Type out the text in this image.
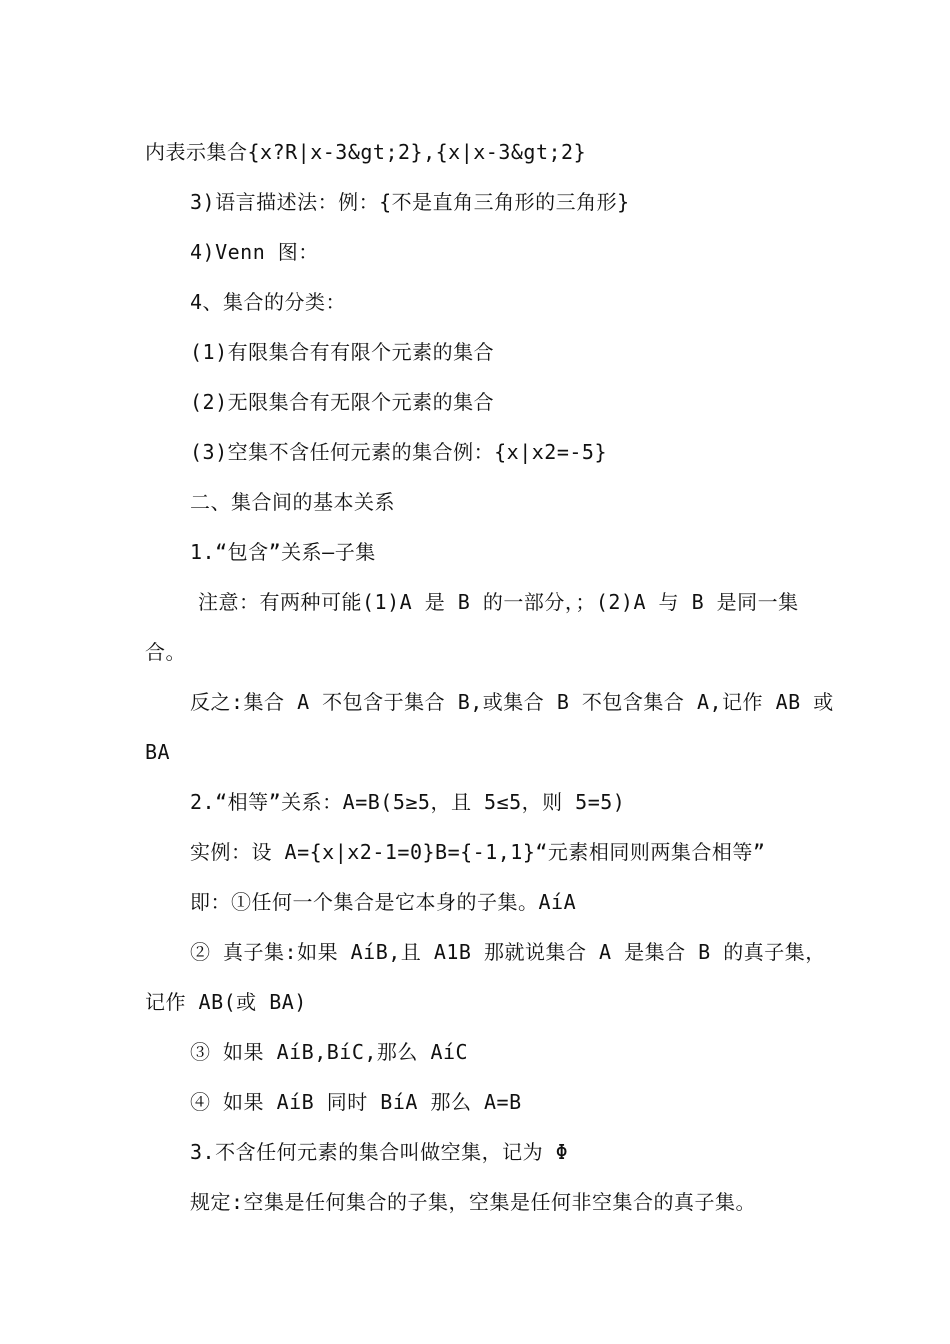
内表示集合{x?R|x-3&gt;2},{x|x-3&gt;2}
3)语言描述法：例：{不是直角三角形的三角形}
4)Venn 图：
4、集合的分类：
(1)有限集合有有限个元素的集合
(2)无限集合有无限个元素的集合
(3)空集不含任何元素的集合例：{x|x2=-5}
二、集合间的基本关系
1.“包含”关系—子集
注意：有两种可能(1)A 是 B 的一部分，；(2)A 与 B 是同一集
合。
反之:集合 A 不包含于集合 B,或集合 B 不包含集合 A,记作 AB 或
BA
2.“相等”关系：A=B(5≥5，且 5≤5，则 5=5)
实例：设 A={x|x2-1=0}B={-1,1}“元素相同则两集合相等”
即：①任何一个集合是它本身的子集。AíA
② 真子集:如果 AíB,且 A1B 那就说集合 A 是集合 B 的真子集，
记作 AB(或 BA)
③ 如果 AíB,BíC,那么 AíC
④ 如果 AíB 同时 BíA 那么 A=B
3.不含任何元素的集合叫做空集，记为 Φ
规定:空集是任何集合的子集，空集是任何非空集合的真子集。
